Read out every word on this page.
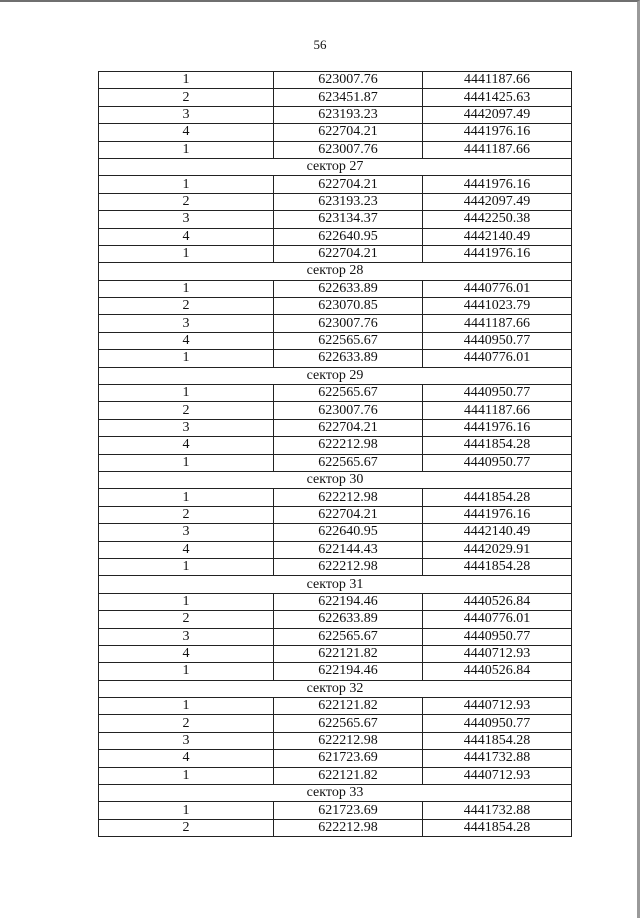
56
1	623007.76	4441187.66
2	623451.87	4441425.63
3	623193.23	4442097.49
4	622704.21	4441976.16
1	623007.76	4441187.66
сектор 27		
1	622704.21	4441976.16
2	623193.23	4442097.49
3	623134.37	4442250.38
4	622640.95	4442140.49
1	622704.21	4441976.16
сектор 28		
1	622633.89	4440776.01
2	623070.85	4441023.79
3	623007.76	4441187.66
4	622565.67	4440950.77
1	622633.89	4440776.01
сектор 29		
1	622565.67	4440950.77
2	623007.76	4441187.66
3	622704.21	4441976.16
4	622212.98	4441854.28
1	622565.67	4440950.77
сектор 30		
1	622212.98	4441854.28
2	622704.21	4441976.16
3	622640.95	4442140.49
4	622144.43	4442029.91
1	622212.98	4441854.28
сектор 31		
1	622194.46	4440526.84
2	622633.89	4440776.01
3	622565.67	4440950.77
4	622121.82	4440712.93
1	622194.46	4440526.84
сектор 32		
1	622121.82	4440712.93
2	622565.67	4440950.77
3	622212.98	4441854.28
4	621723.69	4441732.88
1	622121.82	4440712.93
сектор 33		
1	621723.69	4441732.88
2	622212.98	4441854.28
